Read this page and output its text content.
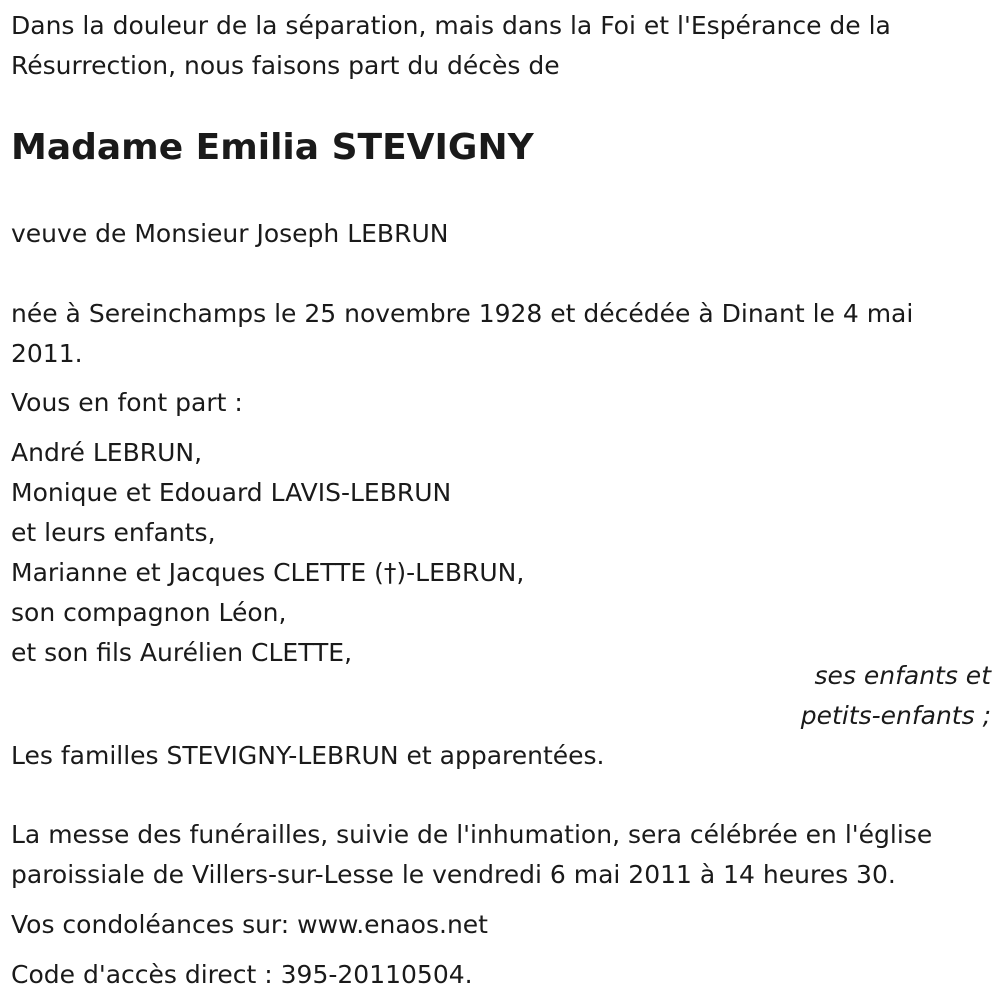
Dans la douleur de la séparation, mais dans la Foi et l'Espérance de la

Résurrection, nous faisons part du décès de

Madame Emilia STEVIGNY

veuve de Monsieur Joseph LEBRUN

née à Sereinchamps le 25 novembre 1928 et décédée à Dinant le 4 mai

2011.

Vous en font part :

André LEBRUN,

Monique et Edouard LAVIS-LEBRUN

et leurs enfants,

Marianne et Jacques CLETTE (†)-LEBRUN,

son compagnon Léon,

et son fils Aurélien CLETTE,

ses enfants et
petits-enfants ;

Les familles STEVIGNY-LEBRUN et apparentées.

La messe des funérailles, suivie de l'inhumation, sera célébrée en l'église

paroissiale de Villers-sur-Lesse le vendredi 6 mai 2011 à 14 heures 30.

Vos condoléances sur: www.enaos.net

Code d'accès direct : 395-20110504.
